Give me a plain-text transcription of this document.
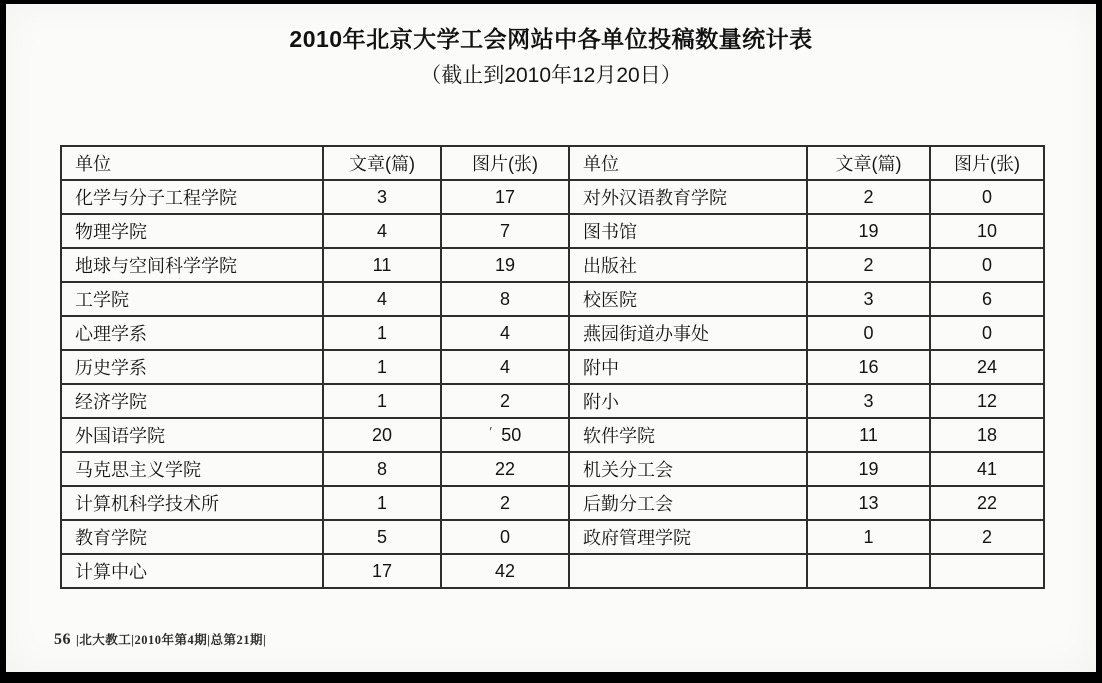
2010年北京大学工会网站中各单位投稿数量统计表
（截止到2010年12月20日）
单位	文章(篇)	图片(张)	单位	文章(篇)	图片(张)
化学与分子工程学院	3	17	对外汉语教育学院	2	0
物理学院	4	7	图书馆	19	10
地球与空间科学学院	11	19	出版社	2	0
工学院	4	8	校医院	3	6
心理学系	1	4	燕园街道办事处	0	0
历史学系	1	4	附中	16	24
经济学院	1	2	附小	3	12
外国语学院	20	′ 50	软件学院	11	18
马克思主义学院	8	22	机关分工会	19	41
计算机科学技术所	1	2	后勤分工会	13	22
教育学院	5	0	政府管理学院	1	2
计算中心	17	42			
56 |北大教工|2010年第4期|总第21期|
